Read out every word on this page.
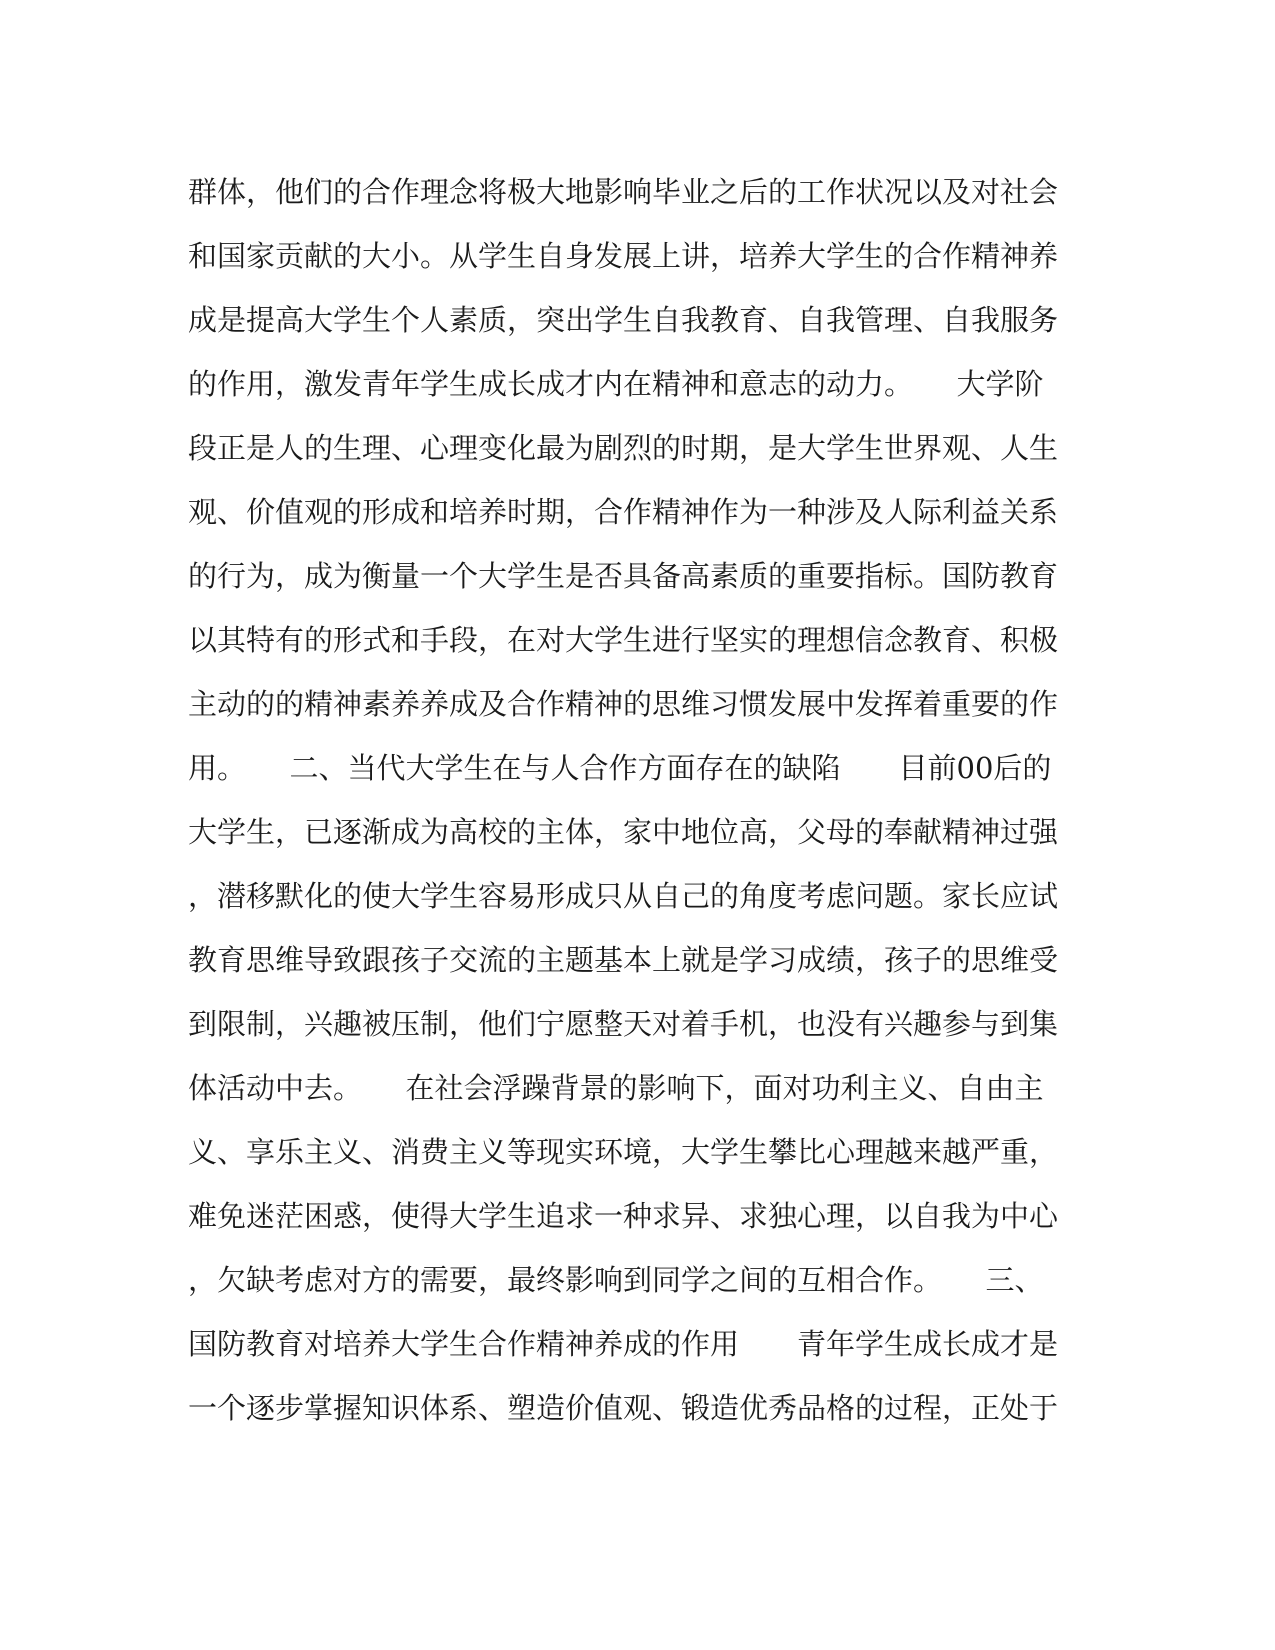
群体，他们的合作理念将极大地影响毕业之后的工作状况以及对社会
和国家贡献的大小。从学生自身发展上讲，培养大学生的合作精神养
成是提高大学生个人素质，突出学生自我教育、自我管理、自我服务
的作用，激发青年学生成长成才内在精神和意志的动力。　　大学阶
段正是人的生理、心理变化最为剧烈的时期，是大学生世界观、人生
观、价值观的形成和培养时期，合作精神作为一种涉及人际利益关系
的行为，成为衡量一个大学生是否具备高素质的重要指标。国防教育
以其特有的形式和手段，在对大学生进行坚实的理想信念教育、积极
主动的的精神素养养成及合作精神的思维习惯发展中发挥着重要的作
用。　　二、当代大学生在与人合作方面存在的缺陷　　目前00后的
大学生，已逐渐成为高校的主体，家中地位高，父母的奉献精神过强
，潜移默化的使大学生容易形成只从自己的角度考虑问题。家长应试
教育思维导致跟孩子交流的主题基本上就是学习成绩，孩子的思维受
到限制，兴趣被压制，他们宁愿整天对着手机，也没有兴趣参与到集
体活动中去。　　在社会浮躁背景的影响下，面对功利主义、自由主
义、享乐主义、消费主义等现实环境，大学生攀比心理越来越严重，
难免迷茫困惑，使得大学生追求一种求异、求独心理，以自我为中心
，欠缺考虑对方的需要，最终影响到同学之间的互相合作。　　三、
国防教育对培养大学生合作精神养成的作用　　青年学生成长成才是
一个逐步掌握知识体系、塑造价值观、锻造优秀品格的过程，正处于
